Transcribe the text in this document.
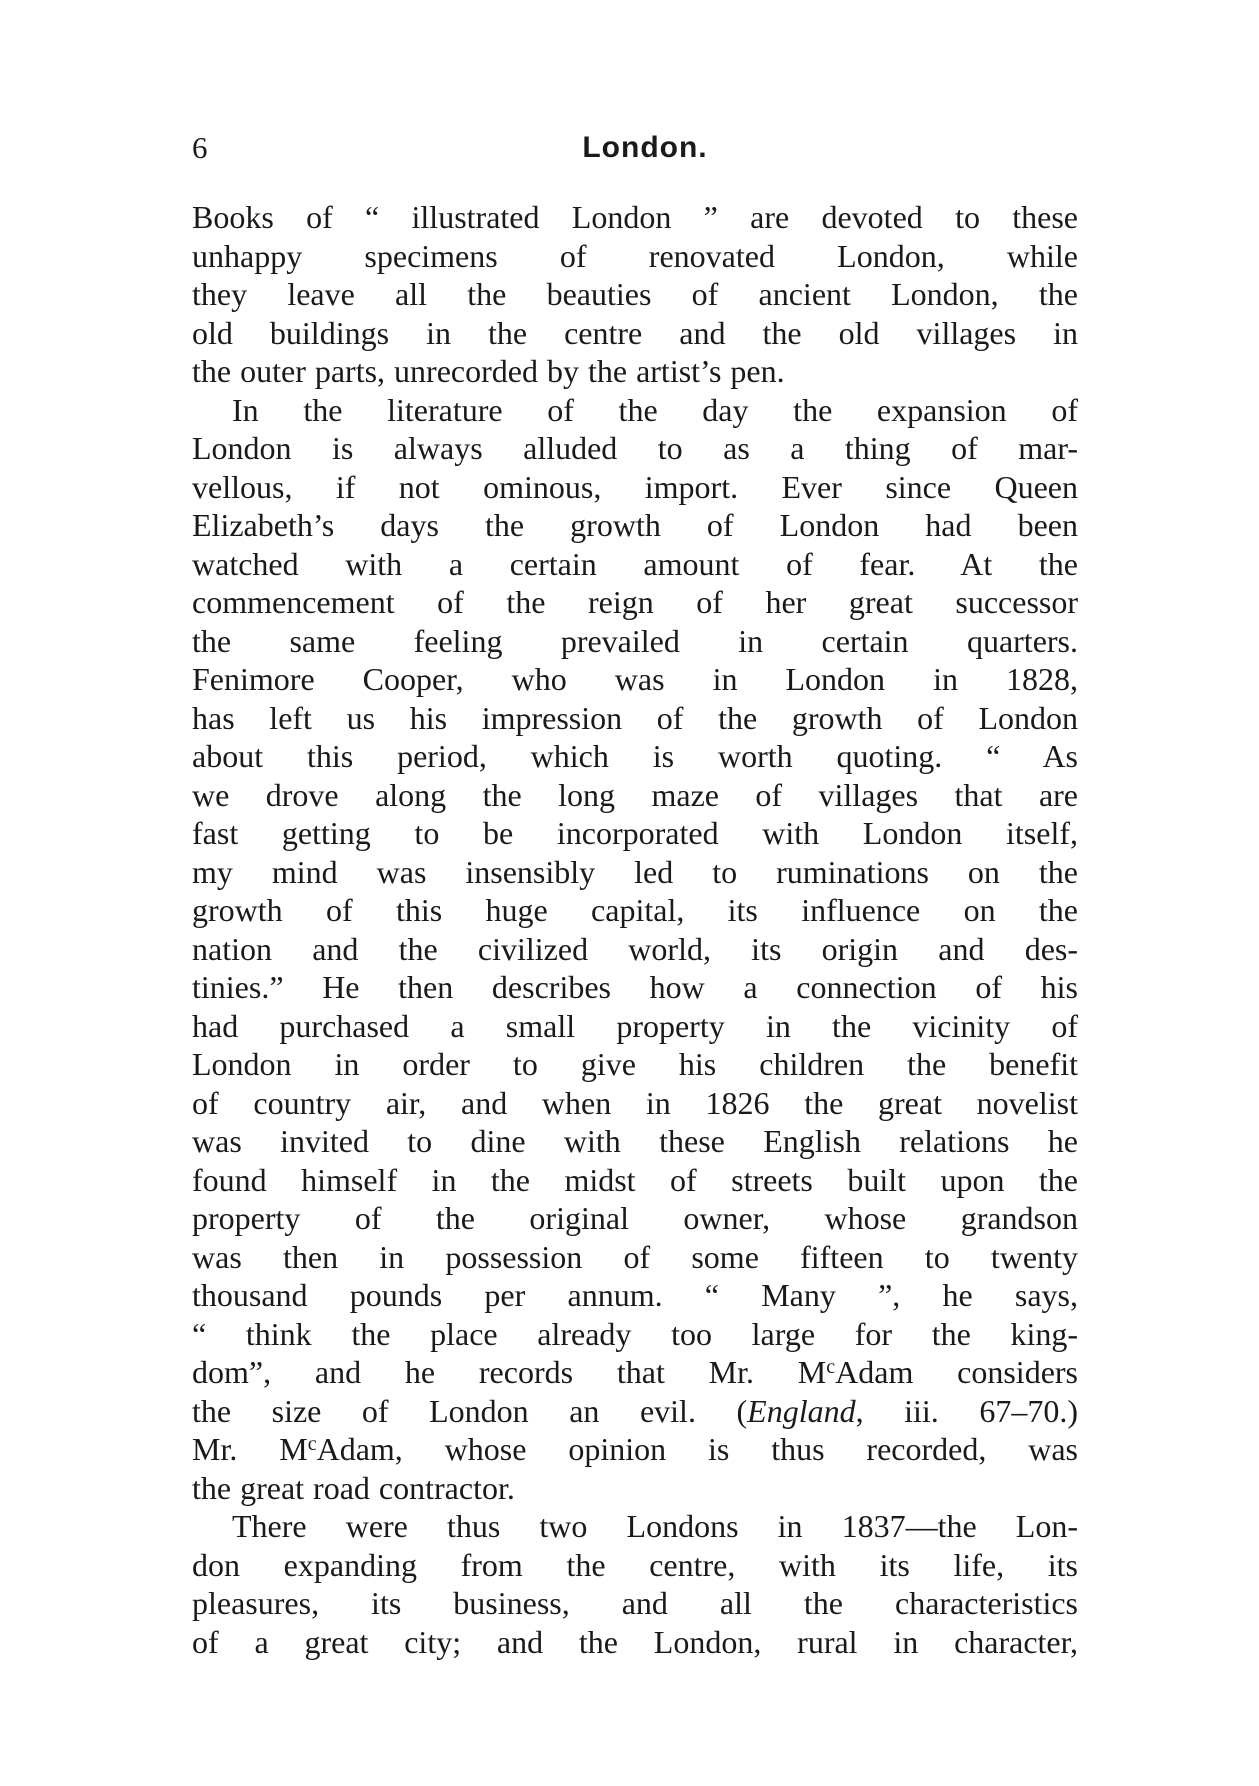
6	London.
Books of “ illustrated London ” are devoted to these
unhappy specimens of renovated London, while
they leave all the beauties of ancient London, the
old buildings in the centre and the old villages in
the outer parts, unrecorded by the artist’s pen.
In the literature of the day the expansion of
London is always alluded to as a thing of mar-
vellous, if not ominous, import. Ever since Queen
Elizabeth’s days the growth of London had been
watched with a certain amount of fear. At the
commencement of the reign of her great successor
the same feeling prevailed in certain quarters.
Fenimore Cooper, who was in London in 1828,
has left us his impression of the growth of London
about this period, which is worth quoting. “ As
we drove along the long maze of villages that are
fast getting to be incorporated with London itself,
my mind was insensibly led to ruminations on the
growth of this huge capital, its influence on the
nation and the civilized world, its origin and des-
tinies.” He then describes how a connection of his
had purchased a small property in the vicinity of
London in order to give his children the benefit
of country air, and when in 1826 the great novelist
was invited to dine with these English relations he
found himself in the midst of streets built upon the
property of the original owner, whose grandson
was then in possession of some fifteen to twenty
thousand pounds per annum. “ Many ”, he says,
“ think the place already too large for the king-
dom”, and he records that Mr. $M^cAdam$ considers
the size of London an evil. (England, iii. 67–70.)
Mr. $M^cAdam$, whose opinion is thus recorded, was
the great road contractor.
There were thus two Londons in 1837—the Lon-
don expanding from the centre, with its life, its
pleasures, its business, and all the characteristics
of a great city; and the London, rural in character,
